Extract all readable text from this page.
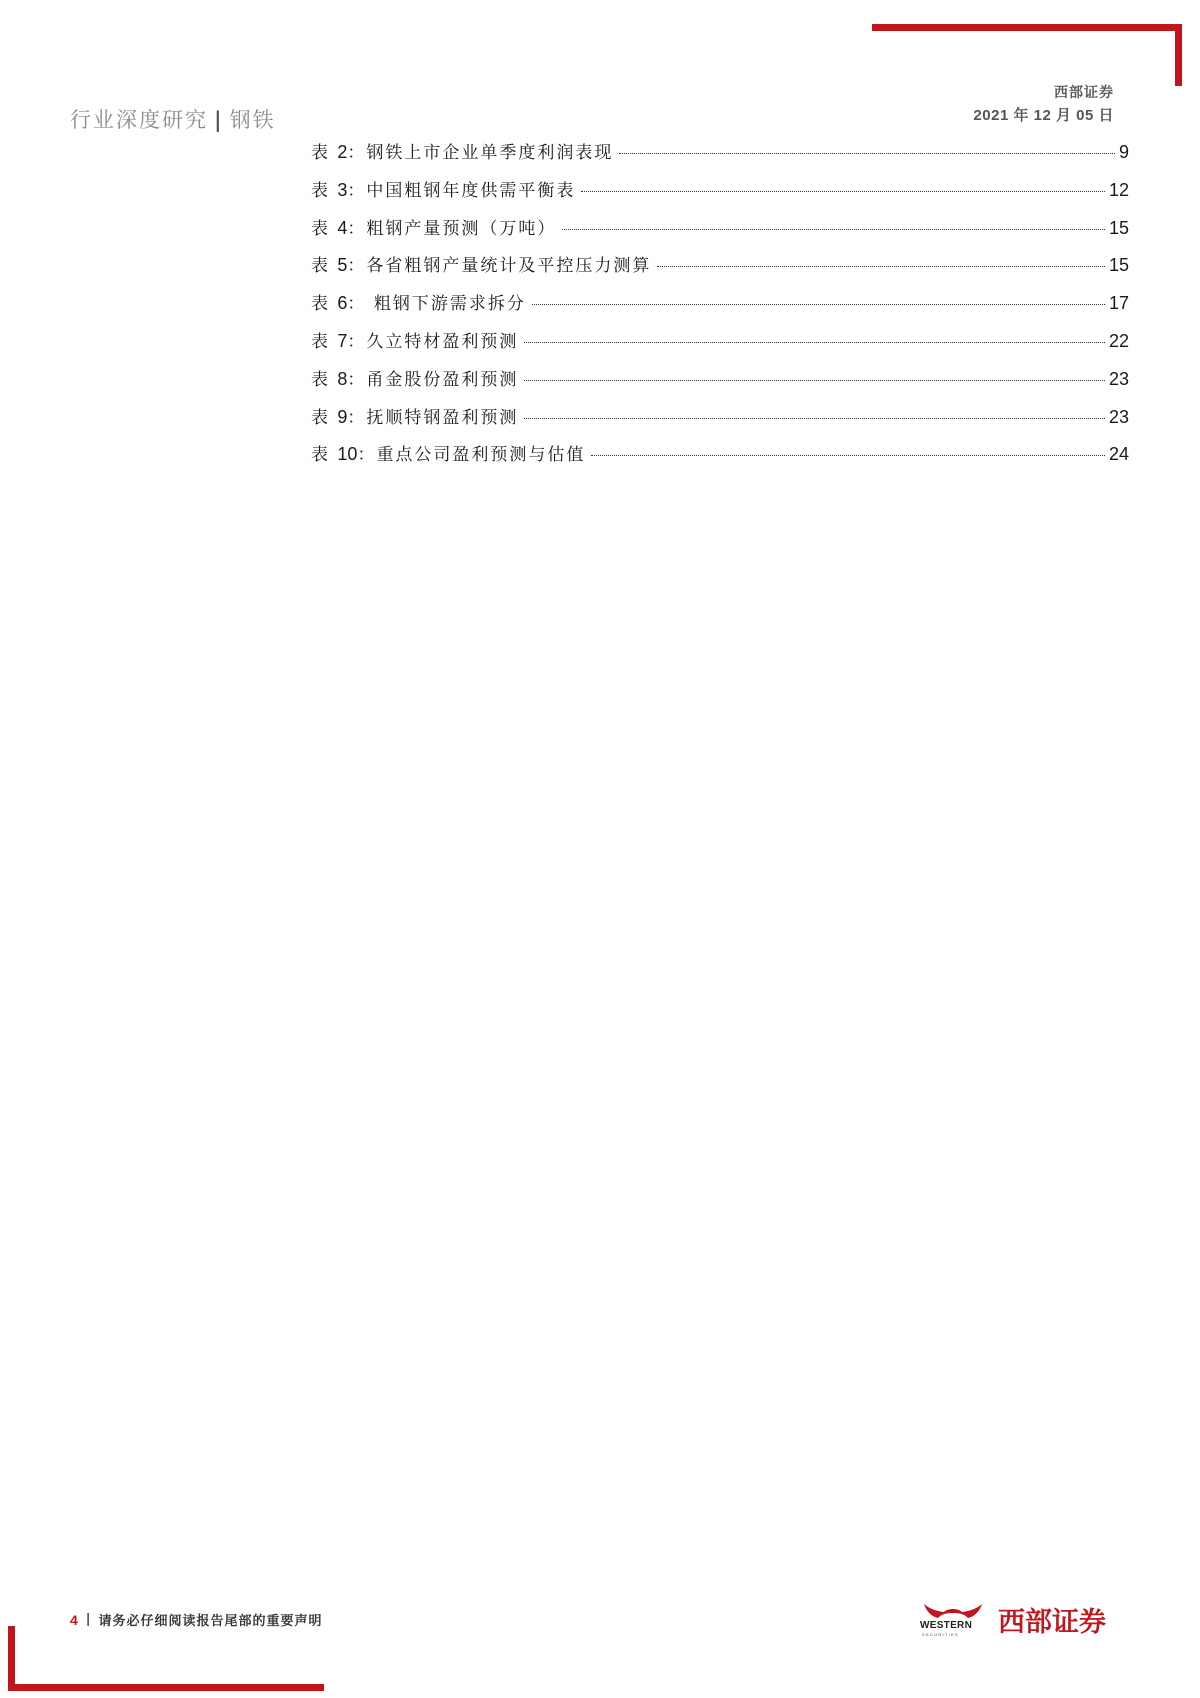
行业深度研究 | 钢铁
西部证券
2021 年 12 月 05 日
表 2：钢铁上市企业单季度利润表现	9
表 3：中国粗钢年度供需平衡表	12
表 4：粗钢产量预测（万吨）	15
表 5：各省粗钢产量统计及平控压力测算	15
表 6： 粗钢下游需求拆分	17
表 7：久立特材盈利预测	22
表 8：甬金股份盈利预测	23
表 9：抚顺特钢盈利预测	23
表 10：重点公司盈利预测与估值	24
4 | 请务必仔细阅读报告尾部的重要声明	WESTERN
SECURITIES 西部证券
